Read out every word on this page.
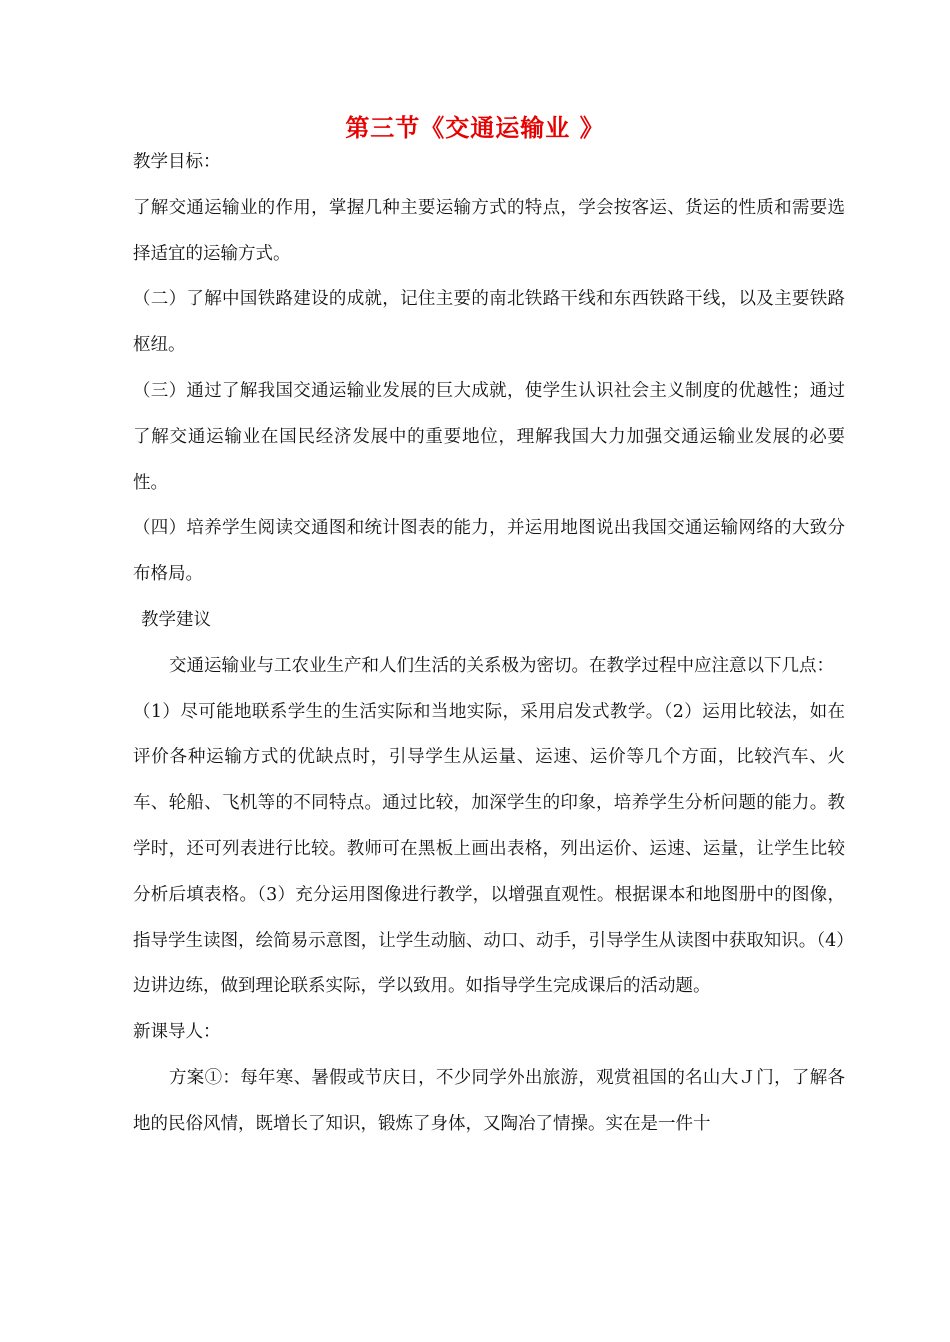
第三节《交通运输业 》

教学目标：

了解交通运输业的作用，掌握几种主要运输方式的特点，学会按客运、货运的性质和需要选择适宜的运输方式。

（二）了解中国铁路建设的成就，记住主要的南北铁路干线和东西铁路干线，以及主要铁路枢纽。

（三）通过了解我国交通运输业发展的巨大成就，使学生认识社会主义制度的优越性；通过了解交通运输业在国民经济发展中的重要地位，理解我国大力加强交通运输业发展的必要性。

（四）培养学生阅读交通图和统计图表的能力，并运用地图说出我国交通运输网络的大致分布格局。

教学建议

交通运输业与工农业生产和人们生活的关系极为密切。在教学过程中应注意以下几点：

（1）尽可能地联系学生的生活实际和当地实际，采用启发式教学。（2）运用比较法，如在评价各种运输方式的优缺点时，引导学生从运量、运速、运价等几个方面，比较汽车、火车、轮船、飞机等的不同特点。通过比较，加深学生的印象，培养学生分析问题的能力。教学时，还可列表进行比较。教师可在黑板上画出表格，列出运价、运速、运量，让学生比较分析后填表格。（3）充分运用图像进行教学，以增强直观性。根据课本和地图册中的图像，指导学生读图，绘简易示意图，让学生动脑、动口、动手，引导学生从读图中获取知识。（4）边讲边练，做到理论联系实际，学以致用。如指导学生完成课后的活动题。

新课导人：

方案①：每年寒、暑假或节庆日，不少同学外出旅游，观赏祖国的名山大Ｊ门，了解各地的民俗风情，既增长了知识，锻炼了身体，又陶冶了情操。实在是一件十
